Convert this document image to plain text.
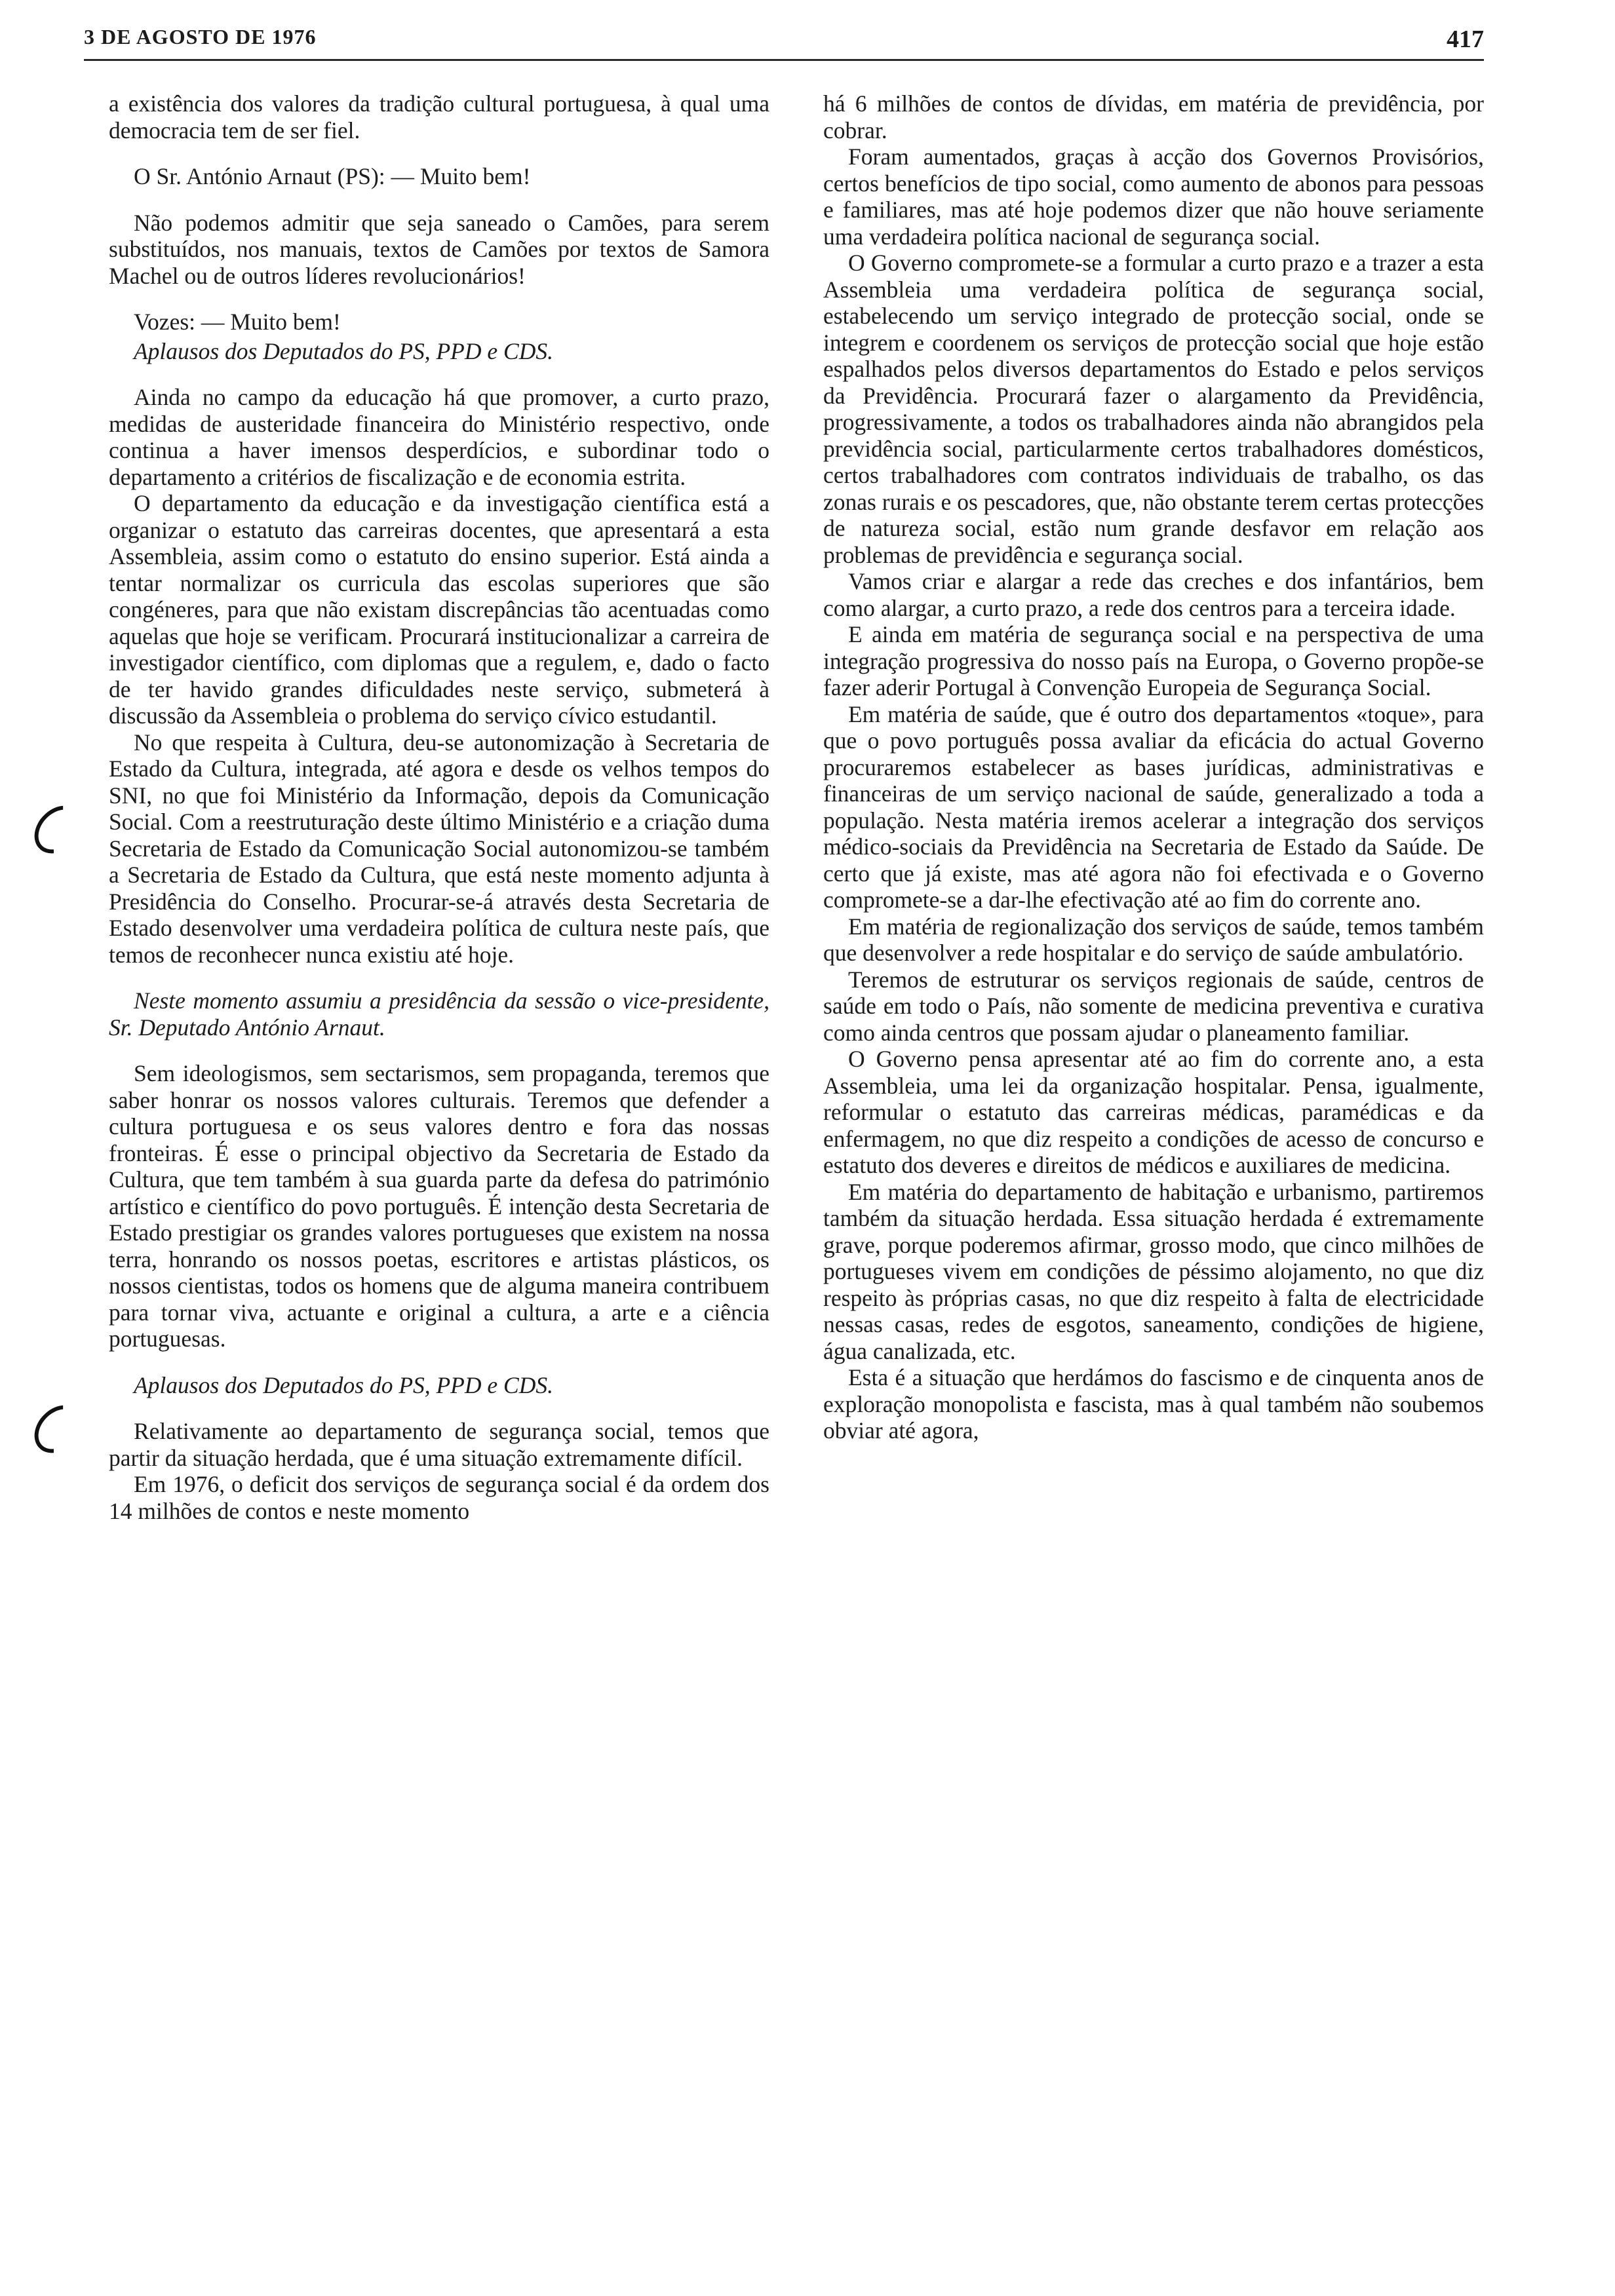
3 DE AGOSTO DE 1976	417

a existência dos valores da tradição cultural portuguesa, à qual uma democracia tem de ser fiel.

O Sr. António Arnaut (PS): — Muito bem!

Não podemos admitir que seja saneado o Camões, para serem substituídos, nos manuais, textos de Camões por textos de Samora Machel ou de outros líderes revolucionários!

Vozes: — Muito bem!

Aplausos dos Deputados do PS, PPD e CDS.

Ainda no campo da educação há que promover, a curto prazo, medidas de austeridade financeira do Ministério respectivo, onde continua a haver imensos desperdícios, e subordinar todo o departamento a critérios de fiscalização e de economia estrita.

O departamento da educação e da investigação científica está a organizar o estatuto das carreiras docentes, que apresentará a esta Assembleia, assim como o estatuto do ensino superior. Está ainda a tentar normalizar os curricula das escolas superiores que são congéneres, para que não existam discrepâncias tão acentuadas como aquelas que hoje se verificam. Procurará institucionalizar a carreira de investigador científico, com diplomas que a regulem, e, dado o facto de ter havido grandes dificuldades neste serviço, submeterá à discussão da Assembleia o problema do serviço cívico estudantil.

No que respeita à Cultura, deu-se autonomização à Secretaria de Estado da Cultura, integrada, até agora e desde os velhos tempos do SNI, no que foi Ministério da Informação, depois da Comunicação Social. Com a reestruturação deste último Ministério e a criação duma Secretaria de Estado da Comunicação Social autonomizou-se também a Secretaria de Estado da Cultura, que está neste momento adjunta à Presidência do Conselho. Procurar-se-á através desta Secretaria de Estado desenvolver uma verdadeira política de cultura neste país, que temos de reconhecer nunca existiu até hoje.

Neste momento assumiu a presidência da sessão o vice-presidente, Sr. Deputado António Arnaut.

Sem ideologismos, sem sectarismos, sem propaganda, teremos que saber honrar os nossos valores culturais. Teremos que defender a cultura portuguesa e os seus valores dentro e fora das nossas fronteiras. É esse o principal objectivo da Secretaria de Estado da Cultura, que tem também à sua guarda parte da defesa do património artístico e científico do povo português. É intenção desta Secretaria de Estado prestigiar os grandes valores portugueses que existem na nossa terra, honrando os nossos poetas, escritores e artistas plásticos, os nossos cientistas, todos os homens que de alguma maneira contribuem para tornar viva, actuante e original a cultura, a arte e a ciência portuguesas.

Aplausos dos Deputados do PS, PPD e CDS.

Relativamente ao departamento de segurança social, temos que partir da situação herdada, que é uma situação extremamente difícil.

Em 1976, o deficit dos serviços de segurança social é da ordem dos 14 milhões de contos e neste momento

há 6 milhões de contos de dívidas, em matéria de previdência, por cobrar.

Foram aumentados, graças à acção dos Governos Provisórios, certos benefícios de tipo social, como aumento de abonos para pessoas e familiares, mas até hoje podemos dizer que não houve seriamente uma verdadeira política nacional de segurança social.

O Governo compromete-se a formular a curto prazo e a trazer a esta Assembleia uma verdadeira política de segurança social, estabelecendo um serviço integrado de protecção social, onde se integrem e coordenem os serviços de protecção social que hoje estão espalhados pelos diversos departamentos do Estado e pelos serviços da Previdência. Procurará fazer o alargamento da Previdência, progressivamente, a todos os trabalhadores ainda não abrangidos pela previdência social, particularmente certos trabalhadores domésticos, certos trabalhadores com contratos individuais de trabalho, os das zonas rurais e os pescadores, que, não obstante terem certas protecções de natureza social, estão num grande desfavor em relação aos problemas de previdência e segurança social.

Vamos criar e alargar a rede das creches e dos infantários, bem como alargar, a curto prazo, a rede dos centros para a terceira idade.

E ainda em matéria de segurança social e na perspectiva de uma integração progressiva do nosso país na Europa, o Governo propõe-se fazer aderir Portugal à Convenção Europeia de Segurança Social.

Em matéria de saúde, que é outro dos departamentos «toque», para que o povo português possa avaliar da eficácia do actual Governo procuraremos estabelecer as bases jurídicas, administrativas e financeiras de um serviço nacional de saúde, generalizado a toda a população. Nesta matéria iremos acelerar a integração dos serviços médico-sociais da Previdência na Secretaria de Estado da Saúde. De certo que já existe, mas até agora não foi efectivada e o Governo compromete-se a dar-lhe efectivação até ao fim do corrente ano.

Em matéria de regionalização dos serviços de saúde, temos também que desenvolver a rede hospitalar e do serviço de saúde ambulatório.

Teremos de estruturar os serviços regionais de saúde, centros de saúde em todo o País, não somente de medicina preventiva e curativa como ainda centros que possam ajudar o planeamento familiar.

O Governo pensa apresentar até ao fim do corrente ano, a esta Assembleia, uma lei da organização hospitalar. Pensa, igualmente, reformular o estatuto das carreiras médicas, paramédicas e da enfermagem, no que diz respeito a condições de acesso de concurso e estatuto dos deveres e direitos de médicos e auxiliares de medicina.

Em matéria do departamento de habitação e urbanismo, partiremos também da situação herdada. Essa situação herdada é extremamente grave, porque poderemos afirmar, grosso modo, que cinco milhões de portugueses vivem em condições de péssimo alojamento, no que diz respeito às próprias casas, no que diz respeito à falta de electricidade nessas casas, redes de esgotos, saneamento, condições de higiene, água canalizada, etc.

Esta é a situação que herdámos do fascismo e de cinquenta anos de exploração monopolista e fascista, mas à qual também não soubemos obviar até agora,
